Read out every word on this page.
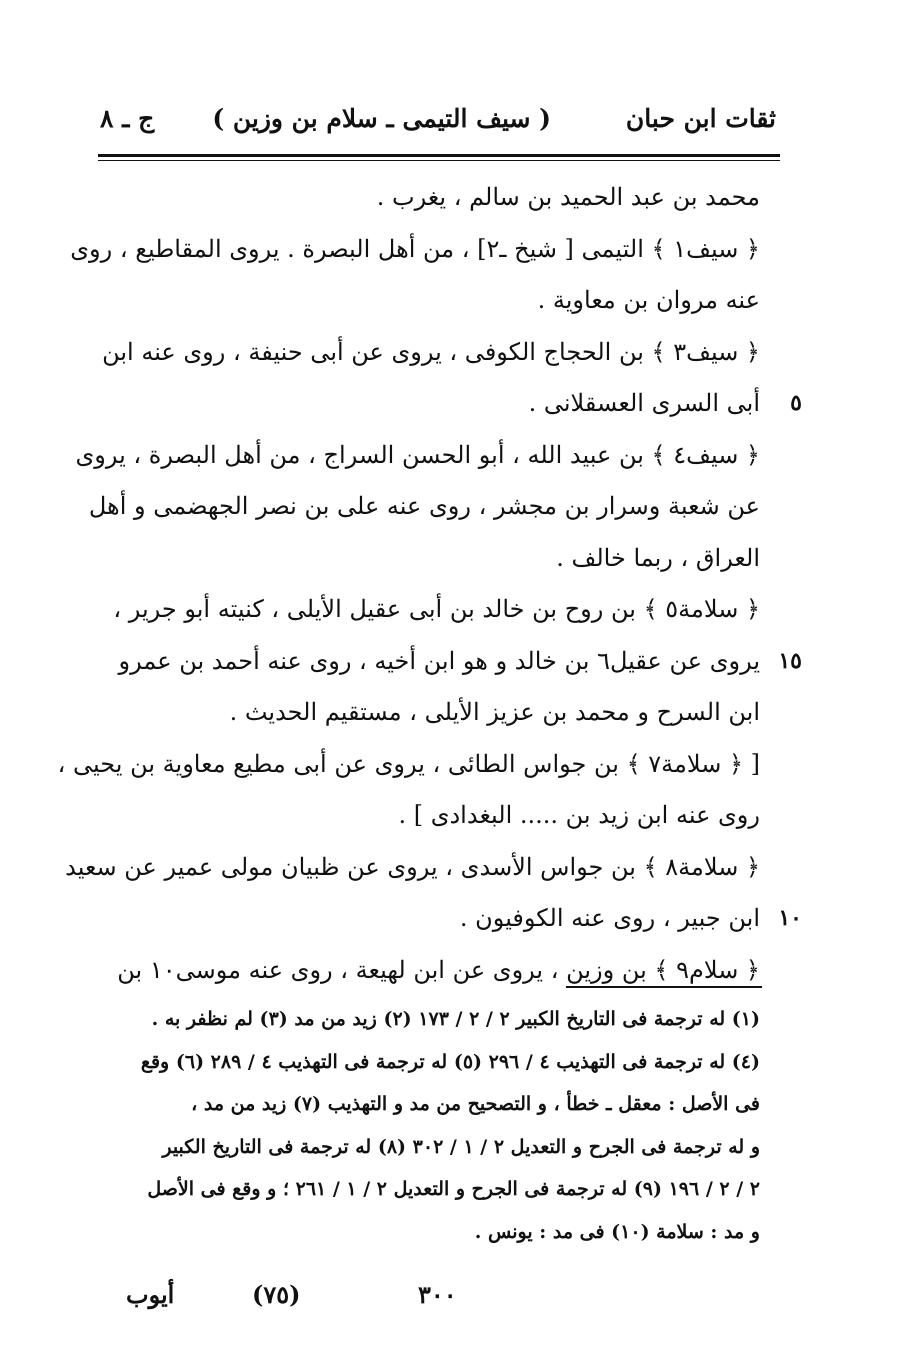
ثقات ابن حبان
( سيف التيمى ـ سلام بن وزين )
ج ـ ٨
محمد بن عبد الحميد بن سالم ، يغرب .
﴿ سيف١ ﴾ التيمى [ شيخ ـ٢] ، من أهل البصرة . يروى المقاطيع ، روى
عنه مروان بن معاوية .
﴿ سيف٣ ﴾ بن الحجاج الكوفى ، يروى عن أبى حنيفة ، روى عنه ابن
أبى السرى العسقلانى . ٥
﴿ سيف٤ ﴾ بن عبيد الله ، أبو الحسن السراج ، من أهل البصرة ، يروى
عن شعبة وسرار بن مجشر ، روى عنه على بن نصر الجهضمى و أهل
العراق ، ربما خالف .
﴿ سلامة٥ ﴾ بن روح بن خالد بن أبى عقيل الأيلى ، كنيته أبو جرير ،
يروى عن عقيل٦ بن خالد و هو ابن أخيه ، روى عنه أحمد بن عمرو ١٥
ابن السرح و محمد بن عزيز الأيلى ، مستقيم الحديث .
[ ﴿ سلامة٧ ﴾ بن جواس الطائى ، يروى عن أبى مطيع معاوية بن يحيى ،
روى عنه ابن زيد بن ..... البغدادى ] .
﴿ سلامة٨ ﴾ بن جواس الأسدى ، يروى عن ظبيان مولى عمير عن سعيد
ابن جبير ، روى عنه الكوفيون . ١٠
﴿ سلام٩ ﴾ بن وزين ، يروى عن ابن لهيعة ، روى عنه موسى١٠ بن
(١) له ترجمة فى التاريخ الكبير ٢ / ٢ / ١٧٣ (٢) زيد من مد (٣) لم نظفر به .
(٤) له ترجمة فى التهذيب ٤ / ٢٩٦ (٥) له ترجمة فى التهذيب ٤ / ٢٨٩ (٦) وقع
فى الأصل : معقل ـ خطأ ، و التصحيح من مد و التهذيب (٧) زيد من مد ،
و له ترجمة فى الجرح و التعديل ٢ / ١ / ٣٠٢ (٨) له ترجمة فى التاريخ الكبير
٢ / ٢ / ١٩٦ (٩) له ترجمة فى الجرح و التعديل ٢ / ١ / ٢٦١ ؛ و وقع فى الأصل
و مد : سلامة (١٠) فى مد : يونس .
أيوب	(٧٥)	٣٠٠
